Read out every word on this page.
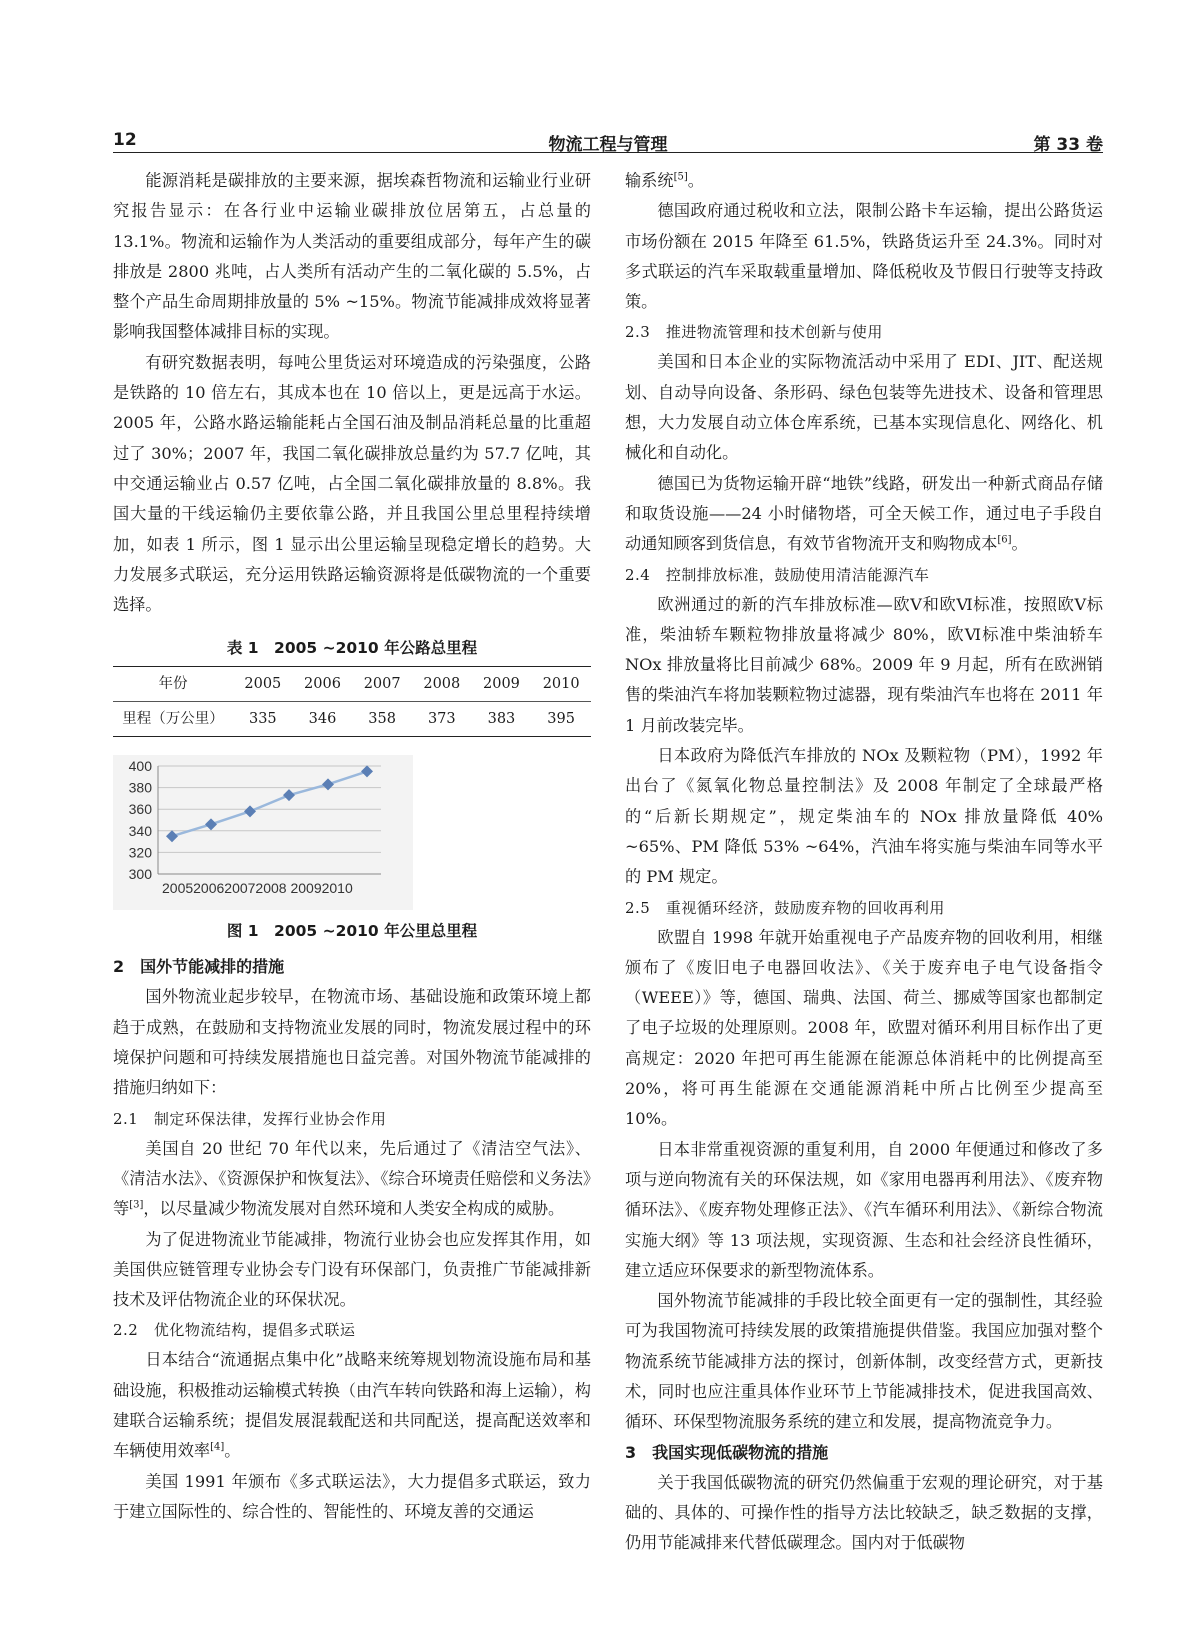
12	物流工程与管理	第 33 卷

能源消耗是碳排放的主要来源，据埃森哲物流和运输业行业研究报告显示：在各行业中运输业碳排放位居第五，占总量的 13.1%。物流和运输作为人类活动的重要组成部分，每年产生的碳排放是 2800 兆吨，占人类所有活动产生的二氧化碳的 5.5%，占整个产品生命周期排放量的 5% ~15%。物流节能减排成效将显著影响我国整体减排目标的实现。

有研究数据表明，每吨公里货运对环境造成的污染强度，公路是铁路的 10 倍左右，其成本也在 10 倍以上，更是远高于水运。2005 年，公路水路运输能耗占全国石油及制品消耗总量的比重超过了 30%；2007 年，我国二氧化碳排放总量约为 57.7 亿吨，其中交通运输业占 0.57 亿吨，占全国二氧化碳排放量的 8.8%。我国大量的干线运输仍主要依靠公路，并且我国公里总里程持续增加，如表 1 所示，图 1 显示出公里运输呈现稳定增长的趋势。大力发展多式联运，充分运用铁路运输资源将是低碳物流的一个重要选择。

表 1　2005 ~2010 年公路总里程
年份	2005	2006	2007	2008	2009	2010
里程（万公里）	335	346	358	373	383	395
400
380
360
340
320
300
2005200620072008 20092010
图 1　2005 ~2010 年公里总里程
2　国外节能减排的措施

国外物流业起步较早，在物流市场、基础设施和政策环境上都趋于成熟，在鼓励和支持物流业发展的同时，物流发展过程中的环境保护问题和可持续发展措施也日益完善。对国外物流节能减排的措施归纳如下：

2.1　制定环保法律，发挥行业协会作用

美国自 20 世纪 70 年代以来，先后通过了《清洁空气法》、《清洁水法》、《资源保护和恢复法》、《综合环境责任赔偿和义务法》等[3]，以尽量减少物流发展对自然环境和人类安全构成的威胁。

为了促进物流业节能减排，物流行业协会也应发挥其作用，如美国供应链管理专业协会专门设有环保部门，负责推广节能减排新技术及评估物流企业的环保状况。

2.2　优化物流结构，提倡多式联运

日本结合“流通据点集中化”战略来统筹规划物流设施布局和基础设施，积极推动运输模式转换（由汽车转向铁路和海上运输），构建联合运输系统；提倡发展混载配送和共同配送，提高配送效率和车辆使用效率[4]。

美国 1991 年颁布《多式联运法》，大力提倡多式联运，致力于建立国际性的、综合性的、智能性的、环境友善的交通运

输系统[5]。

德国政府通过税收和立法，限制公路卡车运输，提出公路货运市场份额在 2015 年降至 61.5%，铁路货运升至 24.3%。同时对多式联运的汽车采取载重量增加、降低税收及节假日行驶等支持政策。

2.3　推进物流管理和技术创新与使用

美国和日本企业的实际物流活动中采用了 EDI、JIT、配送规划、自动导向设备、条形码、绿色包装等先进技术、设备和管理思想，大力发展自动立体仓库系统，已基本实现信息化、网络化、机械化和自动化。

德国已为货物运输开辟“地铁”线路，研发出一种新式商品存储和取货设施——24 小时储物塔，可全天候工作，通过电子手段自动通知顾客到货信息，有效节省物流开支和购物成本[6]。

2.4　控制排放标准，鼓励使用清洁能源汽车

欧洲通过的新的汽车排放标准—欧Ⅴ和欧Ⅵ标准，按照欧Ⅴ标准，柴油轿车颗粒物排放量将减少 80%，欧Ⅵ标准中柴油轿车 NOx 排放量将比目前减少 68%。2009 年 9 月起，所有在欧洲销售的柴油汽车将加装颗粒物过滤器，现有柴油汽车也将在 2011 年 1 月前改装完毕。

日本政府为降低汽车排放的 NOx 及颗粒物（PM），1992 年出台了《氮氧化物总量控制法》及 2008 年制定了全球最严格的“后新长期规定”，规定柴油车的 NOx 排放量降低 40% ~65%、PM 降低 53% ~64%，汽油车将实施与柴油车同等水平的 PM 规定。

2.5　重视循环经济，鼓励废弃物的回收再利用

欧盟自 1998 年就开始重视电子产品废弃物的回收利用，相继颁布了《废旧电子电器回收法》、《关于废弃电子电气设备指令（WEEE）》等，德国、瑞典、法国、荷兰、挪威等国家也都制定了电子垃圾的处理原则。2008 年，欧盟对循环利用目标作出了更高规定：2020 年把可再生能源在能源总体消耗中的比例提高至 20%，将可再生能源在交通能源消耗中所占比例至少提高至 10%。

日本非常重视资源的重复利用，自 2000 年便通过和修改了多项与逆向物流有关的环保法规，如《家用电器再利用法》、《废弃物循环法》、《废弃物处理修正法》、《汽车循环利用法》、《新综合物流实施大纲》等 13 项法规，实现资源、生态和社会经济良性循环，建立适应环保要求的新型物流体系。

国外物流节能减排的手段比较全面更有一定的强制性，其经验可为我国物流可持续发展的政策措施提供借鉴。我国应加强对整个物流系统节能减排方法的探讨，创新体制，改变经营方式，更新技术，同时也应注重具体作业环节上节能减排技术，促进我国高效、循环、环保型物流服务系统的建立和发展，提高物流竞争力。

3　我国实现低碳物流的措施

关于我国低碳物流的研究仍然偏重于宏观的理论研究，对于基础的、具体的、可操作性的指导方法比较缺乏，缺乏数据的支撑，仍用节能减排来代替低碳理念。国内对于低碳物
